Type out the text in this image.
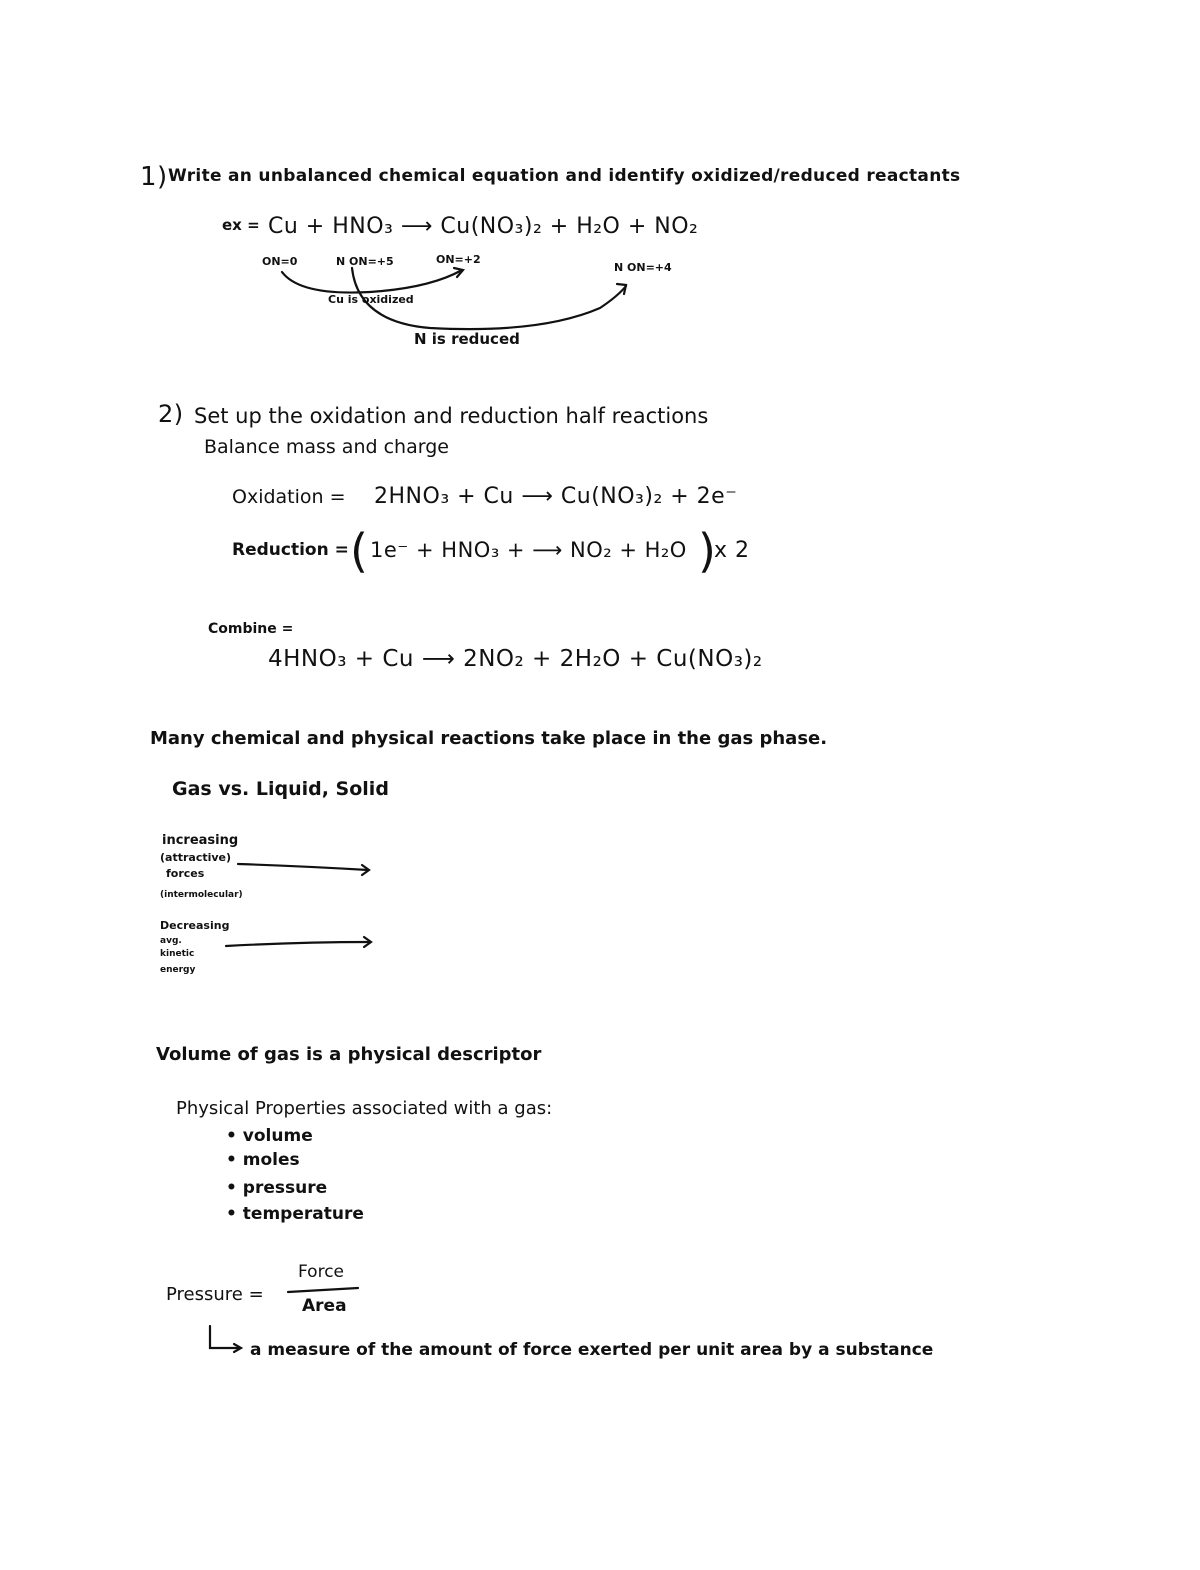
1) Write an unbalanced chemical equation and identify oxidized/reduced reactants
ex = Cu + HNO₃ ⟶ Cu(NO₃)₂ + H₂O + NO₂
ON=0	N ON=+5	ON=+2
N ON=+4
Cu is oxidized
N is reduced
2) Set up the oxidation and reduction half reactions
Balance mass and charge
Oxidation = 2HNO₃ + Cu ⟶ Cu(NO₃)₂ + 2e⁻
Reduction = ( 1e⁻ + HNO₃ + ⟶ NO₂ + H₂O )
x 2
Combine =
4HNO₃ + Cu ⟶ 2NO₂ + 2H₂O + Cu(NO₃)₂
Many chemical and physical reactions take place in the gas phase.
Gas vs. Liquid, Solid
increasing
(attractive)
forces
(intermolecular)
Decreasing
avg.
kinetic
energy
Volume of gas is a physical descriptor
Physical Properties associated with a gas:
• volume
• moles
• pressure
• temperature
Pressure =
Force
Area
a measure of the amount of force exerted per unit area by a substance
